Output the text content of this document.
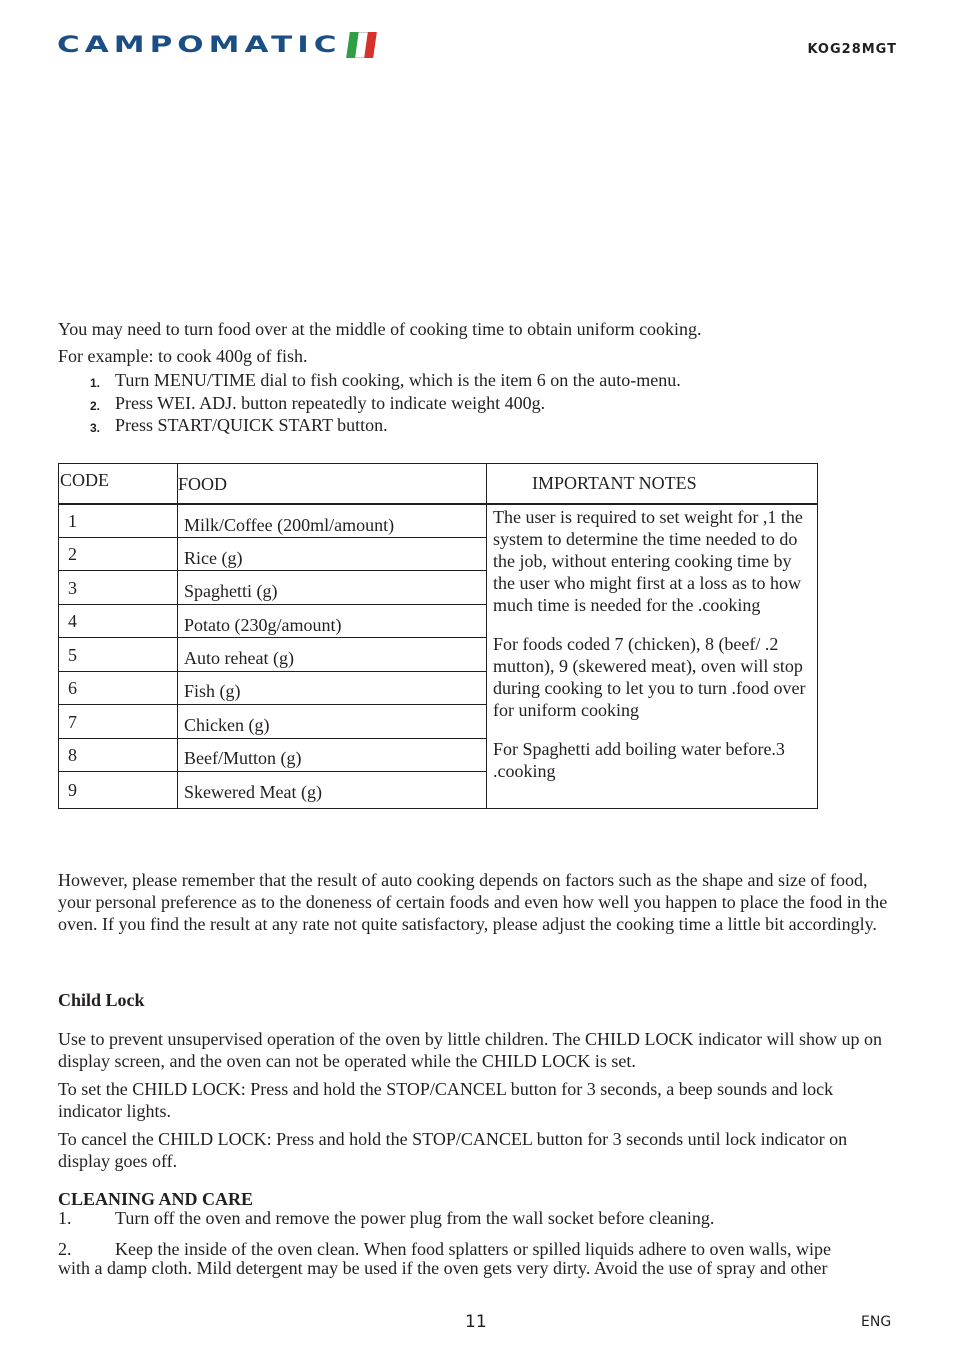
CAMPOMATIC	KOG28MGT
You may need to turn food over at the middle of cooking time to obtain uniform cooking.
For example: to cook 400g of fish.
1. Turn MENU/TIME dial to fish cooking, which is the item 6 on the auto-menu.
2. Press WEI. ADJ. button repeatedly to indicate weight 400g.
3. Press START/QUICK START button.
CODE	FOOD	IMPORTANT NOTES
1	Milk/Coffee (200ml/amount)
2	Rice (g)
3	Spaghetti (g)
4	Potato (230g/amount)
5	Auto reheat (g)
6	Fish (g)
7	Chicken (g)
8	Beef/Mutton (g)
9	Skewered Meat (g)

The user is required to set weight for ,1 the system to determine the time needed to do the job, without entering cooking time by the user who might first at a loss as to how much time is needed for the .cooking

For foods coded 7 (chicken), 8 (beef/ .2 mutton), 9 (skewered meat), oven will stop during cooking to let you to turn .food over for uniform cooking

For Spaghetti add boiling water before.3 .cooking

However, please remember that the result of auto cooking depends on factors such as the shape and size of food, your personal preference as to the doneness of certain foods and even how well you happen to place the food in the oven. If you find the result at any rate not quite satisfactory, please adjust the cooking time a little bit accordingly.
Child Lock
Use to prevent unsupervised operation of the oven by little children. The CHILD LOCK indicator will show up on display screen, and the oven can not be operated while the CHILD LOCK is set.
To set the CHILD LOCK: Press and hold the STOP/CANCEL button for 3 seconds, a beep sounds and lock indicator lights.
To cancel the CHILD LOCK: Press and hold the STOP/CANCEL button for 3 seconds until lock indicator on display goes off.
CLEANING AND CARE
1. Turn off the oven and remove the power plug from the wall socket before cleaning.
2. Keep the inside of the oven clean. When food splatters or spilled liquids adhere to oven walls, wipe
with a damp cloth. Mild detergent may be used if the oven gets very dirty. Avoid the use of spray and other
11	ENG
